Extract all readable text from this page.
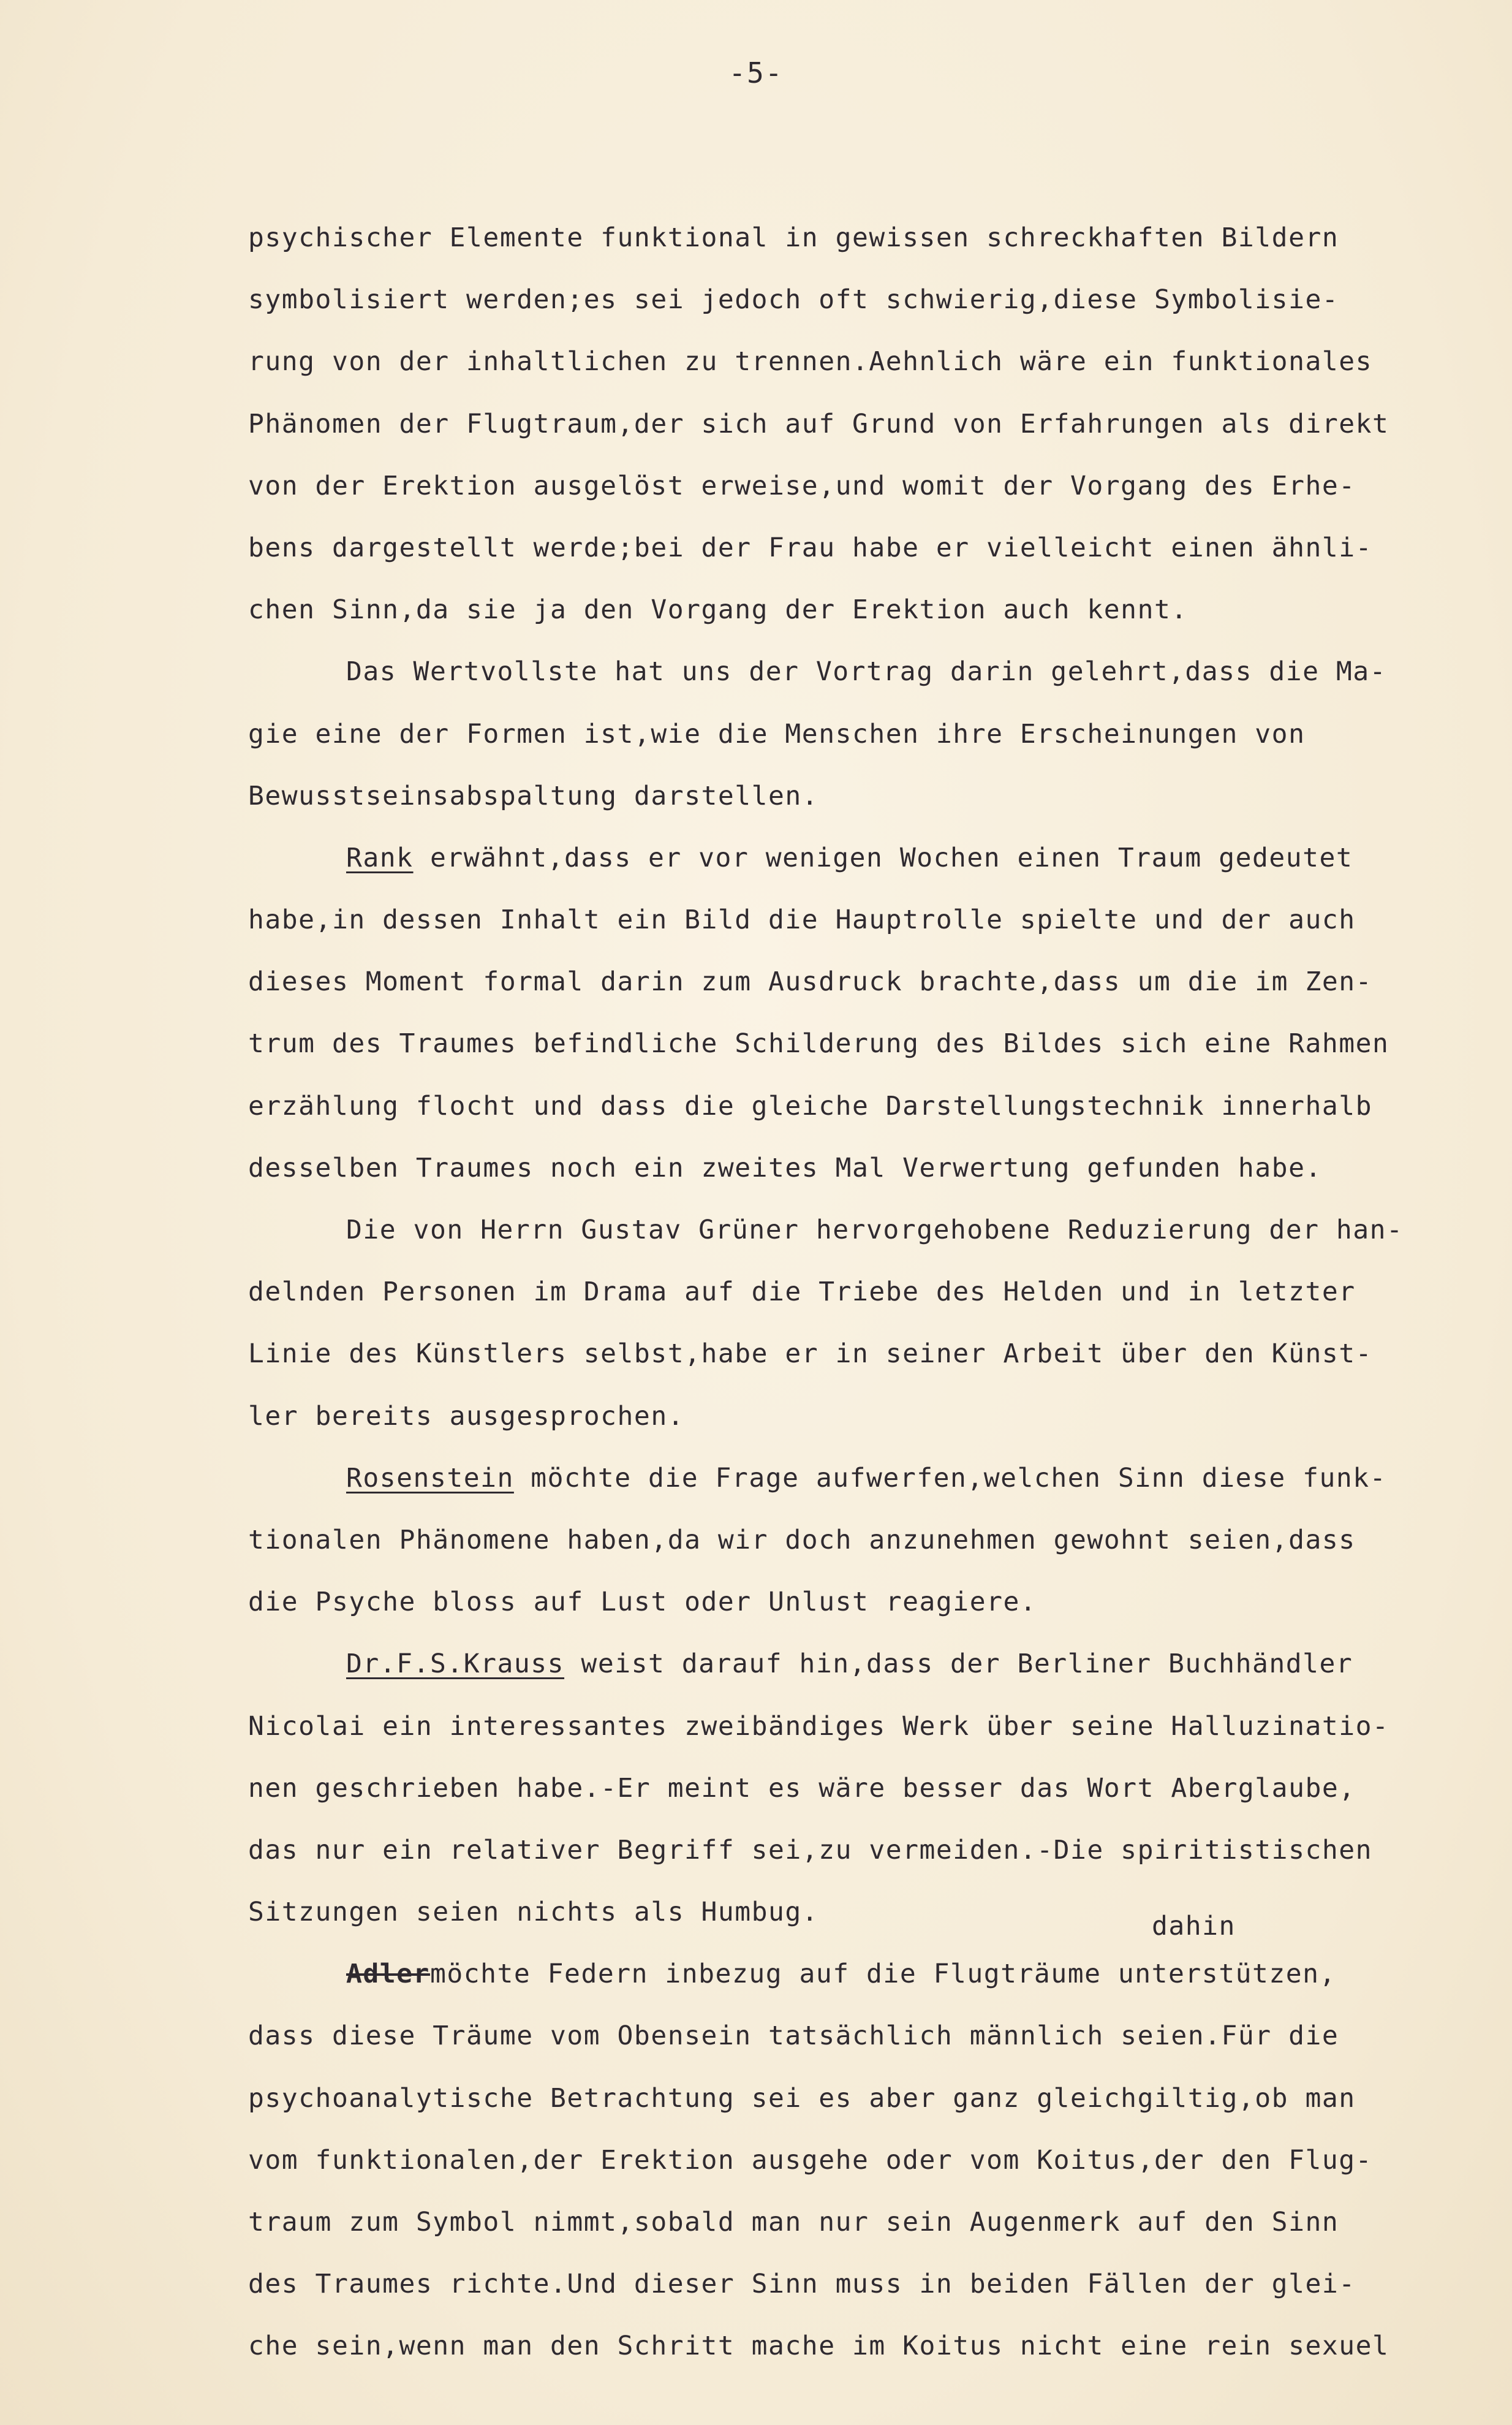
-5-
dahin
psychischer Elemente funktional in gewissen schreckhaften Bildern
symbolisiert werden;es sei jedoch oft schwierig,diese Symbolisie-
rung von der inhaltlichen zu trennen.Aehnlich wäre ein funktionales
Phänomen der Flugtraum,der sich auf Grund von Erfahrungen als direkt
von der Erektion ausgelöst erweise,und womit der Vorgang des Erhe-
bens dargestellt werde;bei der Frau habe er vielleicht einen ähnli-
chen Sinn,da sie ja den Vorgang der Erektion auch kennt.
Das Wertvollste hat uns der Vortrag darin gelehrt,dass die Ma-
gie eine der Formen ist,wie die Menschen ihre Erscheinungen von
Bewusstseinsabspaltung darstellen.
Rank erwähnt,dass er vor wenigen Wochen einen Traum gedeutet
habe,in dessen Inhalt ein Bild die Hauptrolle spielte und der auch
dieses Moment formal darin zum Ausdruck brachte,dass um die im Zen-
trum des Traumes befindliche Schilderung des Bildes sich eine Rahmen
erzählung flocht und dass die gleiche Darstellungstechnik innerhalb
desselben Traumes noch ein zweites Mal Verwertung gefunden habe.
Die von Herrn Gustav Grüner hervorgehobene Reduzierung der han-
delnden Personen im Drama auf die Triebe des Helden und in letzter
Linie des Künstlers selbst,habe er in seiner Arbeit über den Künst-
ler bereits ausgesprochen.
Rosenstein möchte die Frage aufwerfen,welchen Sinn diese funk-
tionalen Phänomene haben,da wir doch anzunehmen gewohnt seien,dass
die Psyche bloss auf Lust oder Unlust reagiere.
Dr.F.S.Krauss weist darauf hin,dass der Berliner Buchhändler
Nicolai ein interessantes zweibändiges Werk über seine Halluzinatio-
nen geschrieben habe.-Er meint es wäre besser das Wort Aberglaube,
das nur ein relativer Begriff sei,zu vermeiden.-Die spiritistischen
Sitzungen seien nichts als Humbug.
Adlermöchte Federn inbezug auf die Flugträume unterstützen,
dass diese Träume vom Obensein tatsächlich männlich seien.Für die
psychoanalytische Betrachtung sei es aber ganz gleichgiltig,ob man
vom funktionalen,der Erektion ausgehe oder vom Koitus,der den Flug-
traum zum Symbol nimmt,sobald man nur sein Augenmerk auf den Sinn
des Traumes richte.Und dieser Sinn muss in beiden Fällen der glei-
che sein,wenn man den Schritt mache im Koitus nicht eine rein sexuel
